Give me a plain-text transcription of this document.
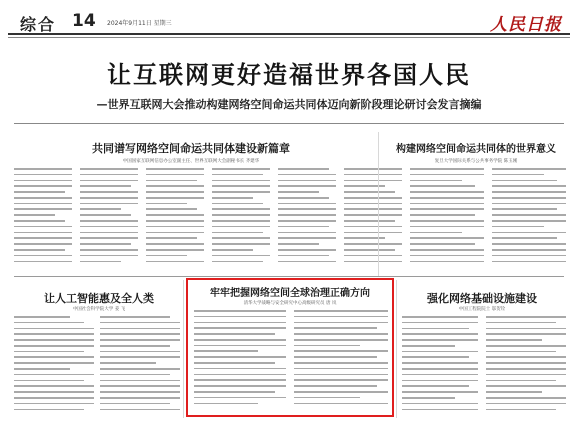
综合 14 2024年9月11日 星期三	人民日报
让互联网更好造福世界各国人民
—世界互联网大会推动构建网络空间命运共同体迈向新阶段理论研讨会发言摘编
共同谱写网络空间命运共同体建设新篇章
中国国家互联网信息办公室副主任、世界互联网大会副秘书长 齐建华
构建网络空间命运共同体的世界意义
复旦大学国际关系与公共事务学院 陈玉刚
让人工智能惠及全人类
中国社会科学院大学 姜 飞
牢牢把握网络空间全球治理正确方向
清华大学战略与安全研究中心高级研究员 唐 岚	强化网络基础设施建设
中国工程院院士 邬贺铨
